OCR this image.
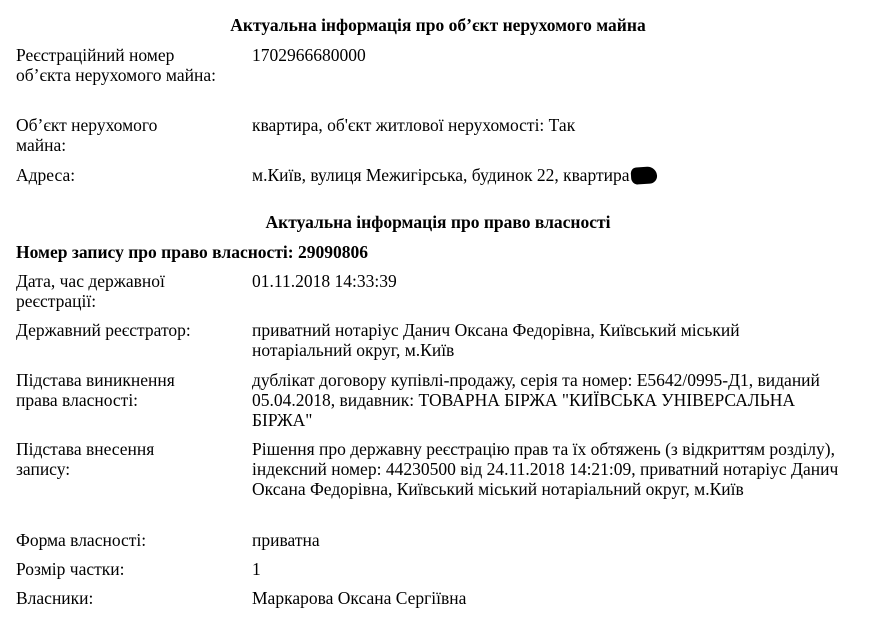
Актуальна інформація про об’єкт нерухомого майна
Реєстраційний номер об’єкта нерухомого майна:
1702966680000
Об’єкт нерухомого майна:
квартира, об'єкт житлової нерухомості: Так
Адреса:	м.Київ, вулиця Межигірська, будинок 22, квартира
Актуальна інформація про право власності
Номер запису про право власності: 29090806
Дата, час державної реєстрації:
01.11.2018 14:33:39
Державний реєстратор:	приватний нотаріус Данич Оксана Федорівна, Київський міський нотаріальний округ, м.Київ
Підстава виникнення права власності:
дублікат договору купівлі-продажу, серія та номер: Е5642/0995-Д1, виданий 05.04.2018, видавник: ТОВАРНА БІРЖА "КИЇВСЬКА УНІВЕРСАЛЬНА БІРЖА"
Підстава внесення запису:
Рішення про державну реєстрацію прав та їх обтяжень (з відкриттям розділу), індексний номер: 44230500 від 24.11.2018 14:21:09, приватний нотаріус Данич Оксана Федорівна, Київський міський нотаріальний округ, м.Київ
Форма власності:	приватна
Розмір частки:	1
Власники:	Маркарова Оксана Сергіївна
